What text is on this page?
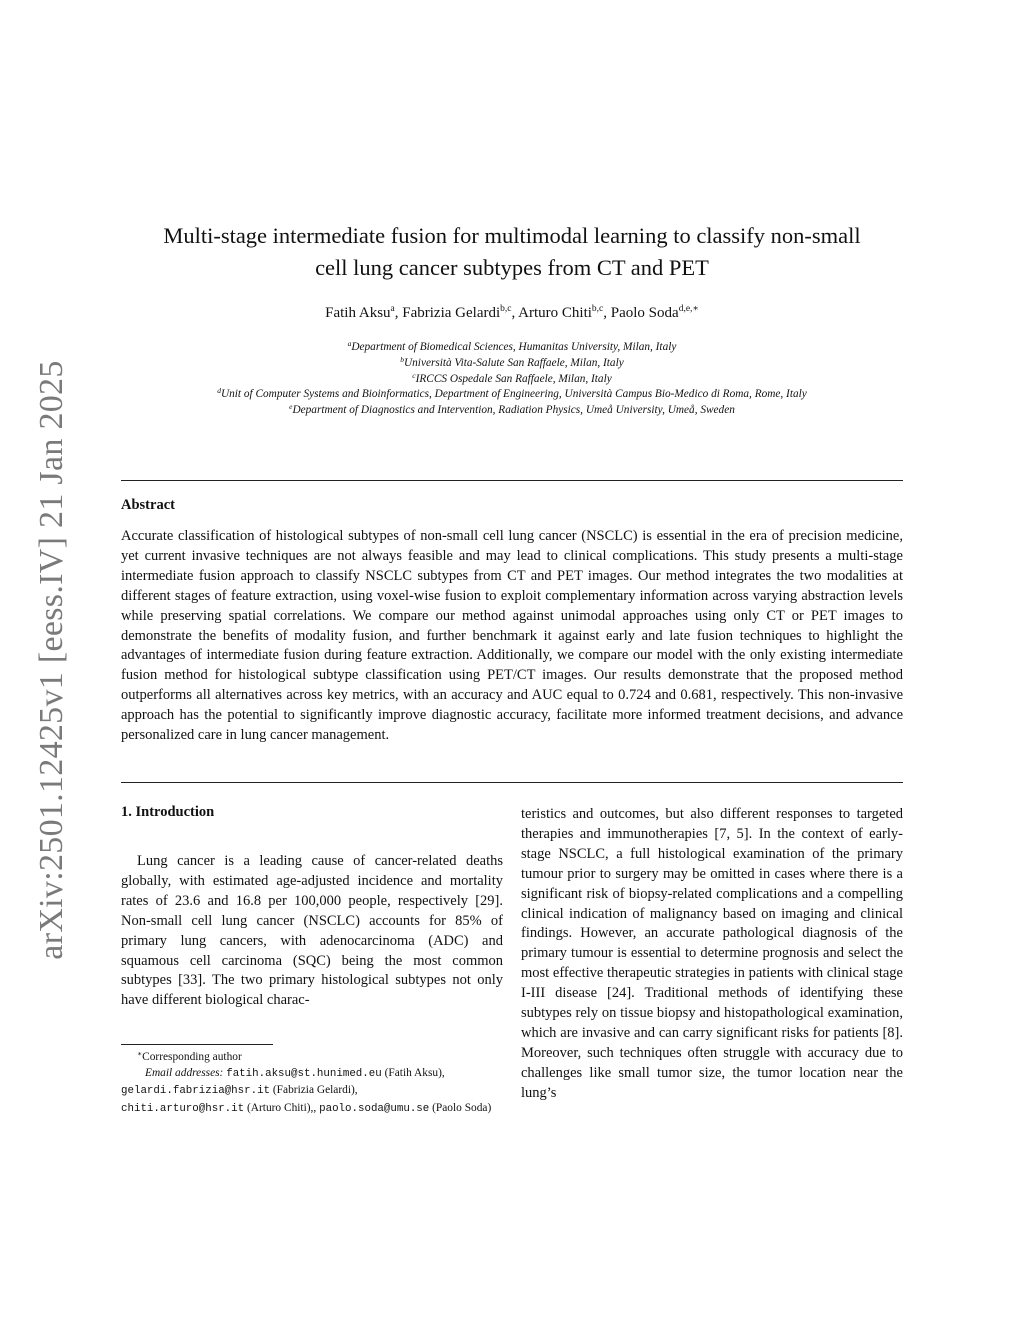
arXiv:2501.12425v1 [eess.IV] 21 Jan 2025
Multi-stage intermediate fusion for multimodal learning to classify non-small
cell lung cancer subtypes from CT and PET
Fatih Aksu$^a$, Fabrizia Gelardi$^{b,c}$, Arturo Chiti$^{b,c}$, Paolo Soda$^{d,e,∗}$
$^a$Department of Biomedical Sciences, Humanitas University, Milan, Italy
$^b$Università Vita-Salute San Raffaele, Milan, Italy
$^c$IRCCS Ospedale San Raffaele, Milan, Italy
$^d$Unit of Computer Systems and Bioinformatics, Department of Engineering, Università Campus Bio-Medico di Roma, Rome, Italy
$^e$Department of Diagnostics and Intervention, Radiation Physics, Umeå University, Umeå, Sweden
Abstract
Accurate classification of histological subtypes of non-small cell lung cancer (NSCLC) is essential in the era of precision medicine, yet current invasive techniques are not always feasible and may lead to clinical complications. This study presents a multi-stage intermediate fusion approach to classify NSCLC subtypes from CT and PET images. Our method integrates the two modalities at different stages of feature extraction, using voxel-wise fusion to exploit complementary information across varying abstraction levels while preserving spatial correlations. We compare our method against unimodal approaches using only CT or PET images to demonstrate the benefits of modality fusion, and further benchmark it against early and late fusion techniques to highlight the advantages of intermediate fusion during feature extraction. Additionally, we compare our model with the only existing intermediate fusion method for histological subtype classification using PET/CT images. Our results demonstrate that the proposed method outperforms all alternatives across key metrics, with an accuracy and AUC equal to 0.724 and 0.681, respectively. This non-invasive approach has the potential to significantly improve diagnostic accuracy, facilitate more informed treatment decisions, and advance personalized care in lung cancer management.
1. Introduction
Lung cancer is a leading cause of cancer-related deaths globally, with estimated age-adjusted incidence and mortality rates of 23.6 and 16.8 per 100,000 people, respectively [29]. Non-small cell lung cancer (NSCLC) accounts for 85% of primary lung cancers, with adenocarcinoma (ADC) and squamous cell carcinoma (SQC) being the most common subtypes [33]. The two primary histological subtypes not only have different biological charac-
teristics and outcomes, but also different responses to targeted therapies and immunotherapies [7, 5]. In the context of early-stage NSCLC, a full histological examination of the primary tumour prior to surgery may be omitted in cases where there is a significant risk of biopsy-related complications and a compelling clinical indication of malignancy based on imaging and clinical findings. However, an accurate pathological diagnosis of the primary tumour is essential to determine prognosis and select the most effective therapeutic strategies in patients with clinical stage I-III disease [24]. Traditional methods of identifying these subtypes rely on tissue biopsy and histopathological examination, which are invasive and can carry significant risks for patients [8]. Moreover, such techniques often struggle with accuracy due to challenges like small tumor size, the tumor location near the lung’s
∗Corresponding author
Email addresses: fatih.aksu@st.hunimed.eu (Fatih Aksu),
gelardi.fabrizia@hsr.it (Fabrizia Gelardi),
chiti.arturo@hsr.it (Arturo Chiti),, paolo.soda@umu.se (Paolo Soda)
